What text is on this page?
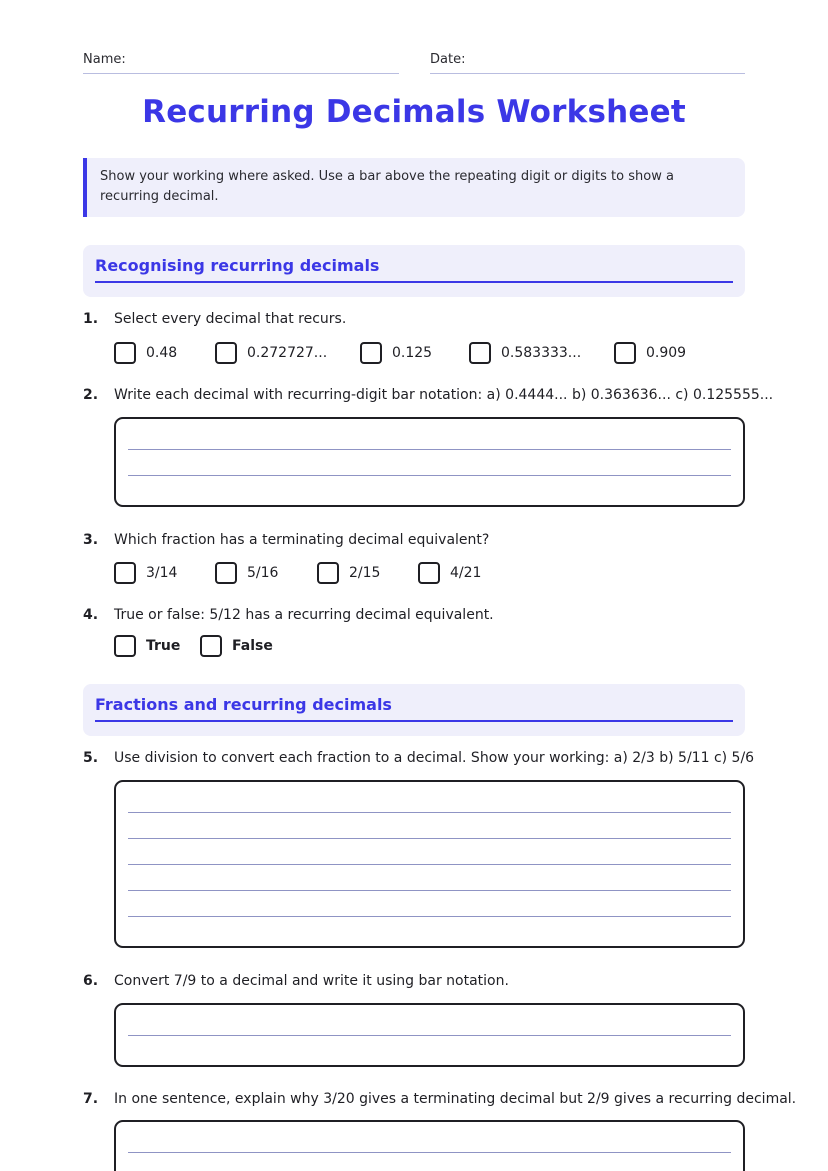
Name:	Date:
Recurring Decimals Worksheet
Show your working where asked. Use a bar above the repeating digit or digits to show a recurring decimal.
Recognising recurring decimals
1. Select every decimal that recurs.
0.48	0.272727...	0.125	0.583333...	0.909
2. Write each decimal with recurring-digit bar notation: a) 0.4444... b) 0.363636... c) 0.125555...
3. Which fraction has a terminating decimal equivalent?
3/14	5/16	2/15	4/21
4. True or false: 5/12 has a recurring decimal equivalent.
True	False
Fractions and recurring decimals
5. Use division to convert each fraction to a decimal. Show your working: a) 2/3 b) 5/11 c) 5/6
6. Convert 7/9 to a decimal and write it using bar notation.
7. In one sentence, explain why 3/20 gives a terminating decimal but 2/9 gives a recurring decimal.
